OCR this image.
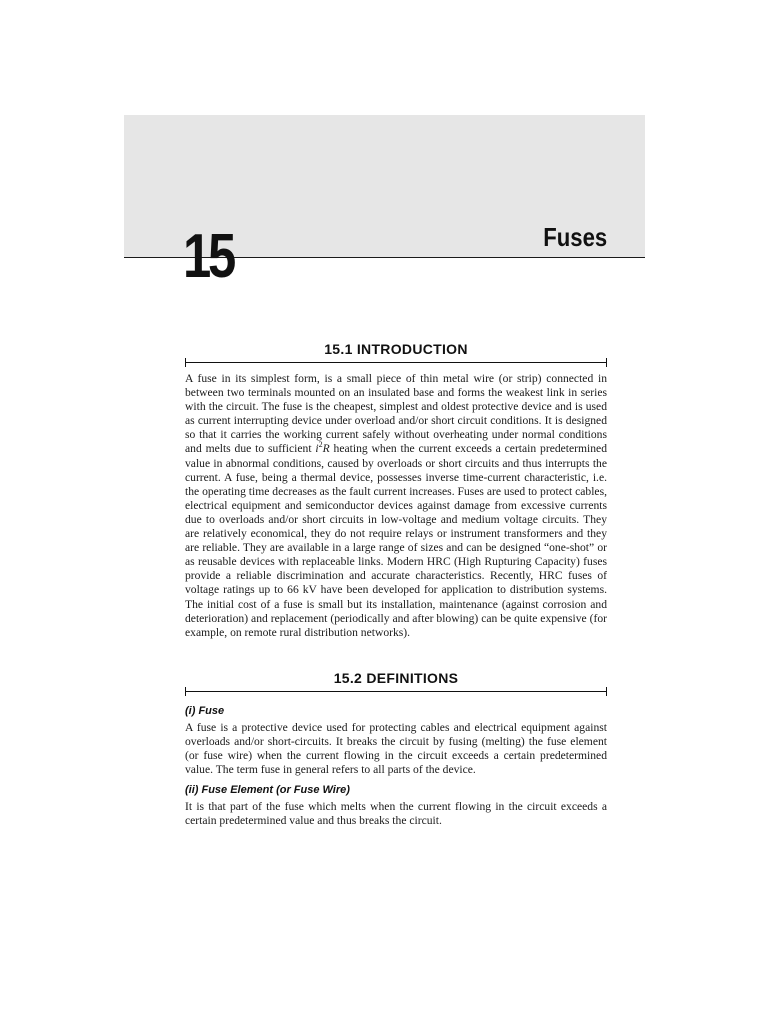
15	Fuses
15.1 INTRODUCTION

A fuse in its simplest form, is a small piece of thin metal wire (or strip) connected in between two terminals mounted on an insulated base and forms the weakest link in series with the circuit. The fuse is the cheapest, simplest and oldest protective device and is used as current interrupting device under overload and/or short circuit conditions. It is designed so that it carries the working current safely without overheating under normal conditions and melts due to sufficient $i^2R$ heating when the current exceeds a certain predetermined value in abnormal conditions, caused by overloads or short circuits and thus interrupts the current. A fuse, being a thermal device, possesses inverse time-current characteristic, i.e. the operating time decreases as the fault current increases. Fuses are used to protect cables, electrical equipment and semiconductor devices against damage from excessive currents due to overloads and/or short circuits in low-voltage and medium voltage circuits. They are relatively economical, they do not require relays or instrument transformers and they are reliable. They are available in a large range of sizes and can be designed “one-shot” or as reusable devices with replaceable links. Modern HRC (High Rupturing Capacity) fuses provide a reliable discrimination and accurate characteristics. Recently, HRC fuses of voltage ratings up to 66 kV have been developed for application to distribution systems. The initial cost of a fuse is small but its installation, maintenance (against corrosion and deterioration) and replacement (periodically and after blowing) can be quite expensive (for example, on remote rural distribution networks).

15.2 DEFINITIONS
(i) Fuse

A fuse is a protective device used for protecting cables and electrical equipment against overloads and/or short-circuits. It breaks the circuit by fusing (melting) the fuse element (or fuse wire) when the current flowing in the circuit exceeds a certain predetermined value. The term fuse in general refers to all parts of the device.

(ii) Fuse Element (or Fuse Wire)

It is that part of the fuse which melts when the current flowing in the circuit exceeds a certain predetermined value and thus breaks the circuit.
